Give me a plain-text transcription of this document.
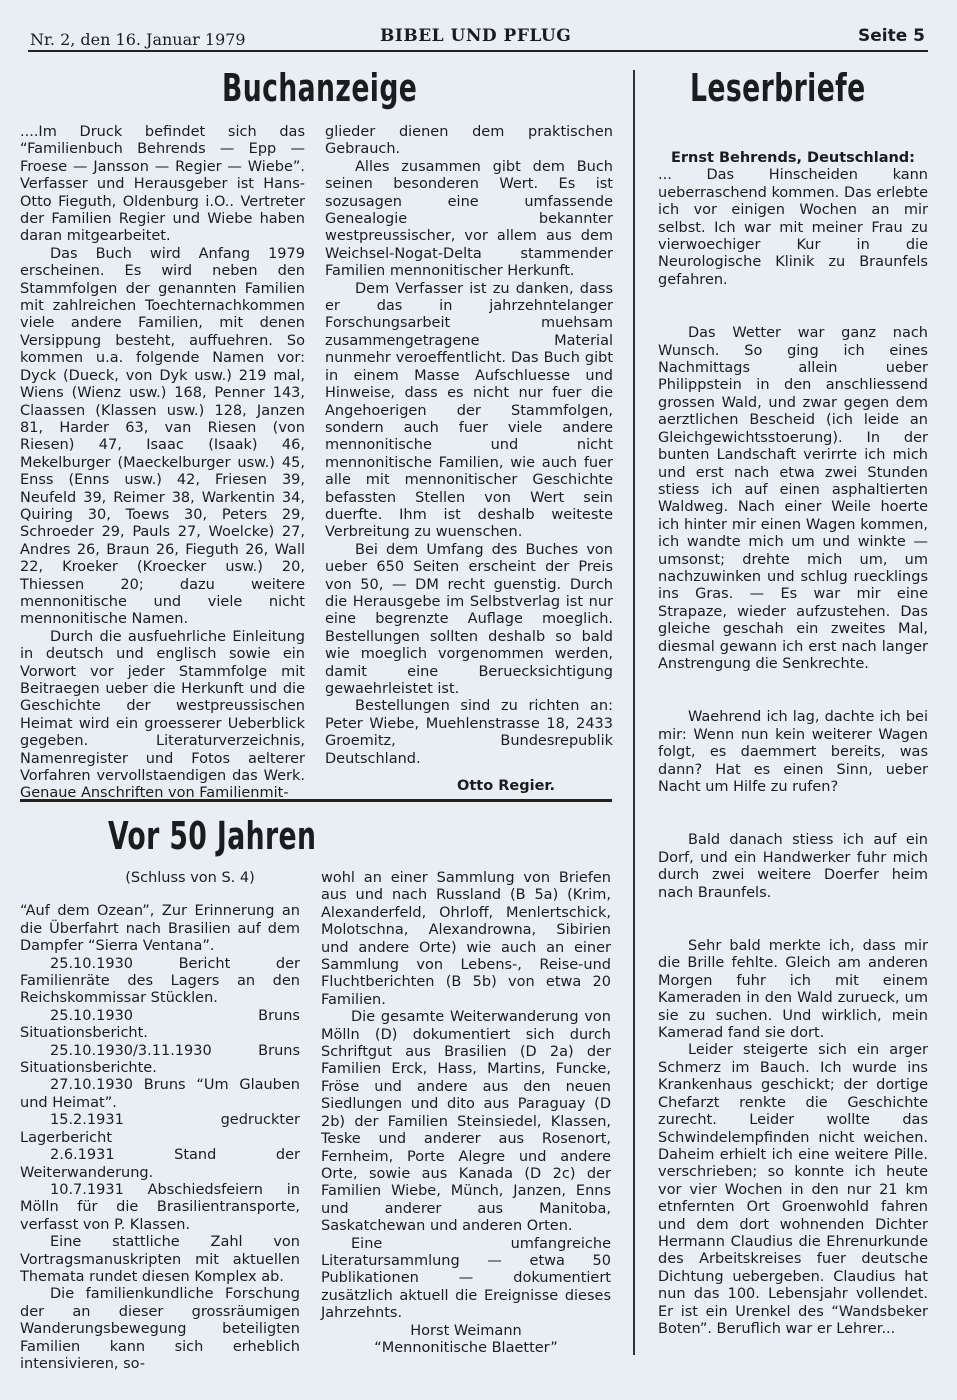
Nr. 2, den 16. Januar 1979	BIBEL UND PFLUG	Seite 5
Buchanzeige

....Im Druck befindet sich das “Familienbuch Behrends — Epp — Froese — Jansson — Regier — Wiebe”. Verfasser und Herausgeber ist Hans-Otto Fieguth, Oldenburg i.O.. Vertreter der Familien Regier und Wiebe haben daran mitgearbeitet.

Das Buch wird Anfang 1979 erscheinen. Es wird neben den Stammfolgen der genannten Familien mit zahlreichen Toechternachkommen viele andere Familien, mit denen Versippung besteht, auffuehren. So kommen u.a. folgende Namen vor: Dyck (Dueck, von Dyk usw.) 219 mal, Wiens (Wienz usw.) 168, Penner 143, Claassen (Klassen usw.) 128, Janzen 81, Harder 63, van Riesen (von Riesen) 47, Isaac (Isaak) 46, Mekelburger (Maeckelburger usw.) 45, Enss (Enns usw.) 42, Friesen 39, Neufeld 39, Reimer 38, Warkentin 34, Quiring 30, Toews 30, Peters 29, Schroeder 29, Pauls 27, Woelcke) 27, Andres 26, Braun 26, Fieguth 26, Wall 22, Kroeker (Kroecker usw.) 20, Thiessen 20; dazu weitere mennonitische und viele nicht mennonitische Namen.

Durch die ausfuehrliche Einleitung in deutsch und englisch sowie ein Vorwort vor jeder Stammfolge mit Beitraegen ueber die Herkunft und die Geschichte der westpreussischen Heimat wird ein groesserer Ueberblick gegeben. Literaturverzeichnis, Namenregister und Fotos aelterer Vorfahren vervollstaendigen das Werk. Genaue Anschriften von Familienmit-

glieder dienen dem praktischen Gebrauch.

Alles zusammen gibt dem Buch seinen besonderen Wert. Es ist sozusagen eine umfassende Genealogie bekannter westpreussischer, vor allem aus dem Weichsel-Nogat-Delta stammender Familien mennonitischer Herkunft.

Dem Verfasser ist zu danken, dass er das in jahrzehntelanger Forschungsarbeit muehsam zusammengetragene Material nunmehr veroeffentlicht. Das Buch gibt in einem Masse Aufschluesse und Hinweise, dass es nicht nur fuer die Angehoerigen der Stammfolgen, sondern auch fuer viele andere mennonitische und nicht mennonitische Familien, wie auch fuer alle mit mennonitischer Geschichte befassten Stellen von Wert sein duerfte. Ihm ist deshalb weiteste Verbreitung zu wuenschen.

Bei dem Umfang des Buches von ueber 650 Seiten erscheint der Preis von 50, — DM recht guenstig. Durch die Herausgebe im Selbstverlag ist nur eine begrenzte Auflage moeglich. Bestellungen sollten deshalb so bald wie moeglich vorgenommen werden, damit eine Beruecksichtigung gewaehrleistet ist.

Bestellungen sind zu richten an: Peter Wiebe, Muehlenstrasse 18, 2433 Groemitz, Bundesrepublik Deutschland.

Otto Regier.

Vor 50 Jahren

(Schluss von S. 4)

“Auf dem Ozean”, Zur Erinnerung an die Überfahrt nach Brasilien auf dem Dampfer “Sierra Ventana”.

25.10.1930 Bericht der Familienräte des Lagers an den Reichskommissar Stücklen.

25.10.1930 Bruns Situationsbericht.

25.10.1930/3.11.1930 Bruns Situationsberichte.

27.10.1930 Bruns “Um Glauben und Heimat”.

15.2.1931 gedruckter Lagerbericht

2.6.1931 Stand der Weiterwanderung.

10.7.1931 Abschiedsfeiern in Mölln für die Brasilientransporte, verfasst von P. Klassen.

Eine stattliche Zahl von Vortragsmanuskripten mit aktuellen Themata rundet diesen Komplex ab.

Die familienkundliche Forschung der an dieser grossräumigen Wanderungsbewegung beteiligten Familien kann sich erheblich intensivieren, so-

wohl an einer Sammlung von Briefen aus und nach Russland (B 5a) (Krim, Alexanderfeld, Ohrloff, Menlertschick, Molotschna, Alexandrowna, Sibirien und andere Orte) wie auch an einer Sammlung von Lebens-, Reise-und Fluchtberichten (B 5b) von etwa 20 Familien.

Die gesamte Weiterwanderung von Mölln (D) dokumentiert sich durch Schriftgut aus Brasilien (D 2a) der Familien Erck, Hass, Martins, Funcke, Fröse und andere aus den neuen Siedlungen und dito aus Paraguay (D 2b) der Familien Steinsiedel, Klassen, Teske und anderer aus Rosenort, Fernheim, Porte Alegre und andere Orte, sowie aus Kanada (D 2c) der Familien Wiebe, Münch, Janzen, Enns und anderer aus Manitoba, Saskatchewan und anderen Orten.

Eine umfangreiche Literatursammlung — etwa 50 Publikationen — dokumentiert zusätzlich aktuell die Ereignisse dieses Jahrzehnts.

Horst Weimann

“Mennonitische Blaetter”

Leserbriefe

Ernst Behrends, Deutschland:

... Das Hinscheiden kann ueberraschend kommen. Das erlebte ich vor einigen Wochen an mir selbst. Ich war mit meiner Frau zu vierwoechiger Kur in die Neurologische Klinik zu Braunfels gefahren.

Das Wetter war ganz nach Wunsch. So ging ich eines Nachmittags allein ueber Philippstein in den anschliessend grossen Wald, und zwar gegen dem aerztlichen Bescheid (ich leide an Gleichgewichtsstoerung). In der bunten Landschaft verirrte ich mich und erst nach etwa zwei Stunden stiess ich auf einen asphaltierten Waldweg. Nach einer Weile hoerte ich hinter mir einen Wagen kommen, ich wandte mich um und winkte — umsonst; drehte mich um, um nachzuwinken und schlug ruecklings ins Gras. — Es war mir eine Strapaze, wieder aufzustehen. Das gleiche geschah ein zweites Mal, diesmal gewann ich erst nach langer Anstrengung die Senkrechte.

Waehrend ich lag, dachte ich bei mir: Wenn nun kein weiterer Wagen folgt, es daemmert bereits, was dann? Hat es einen Sinn, ueber Nacht um Hilfe zu rufen?

Bald danach stiess ich auf ein Dorf, und ein Handwerker fuhr mich durch zwei weitere Doerfer heim nach Braunfels.

Sehr bald merkte ich, dass mir die Brille fehlte. Gleich am anderen Morgen fuhr ich mit einem Kameraden in den Wald zurueck, um sie zu suchen. Und wirklich, mein Kamerad fand sie dort.

Leider steigerte sich ein arger Schmerz im Bauch. Ich wurde ins Krankenhaus geschickt; der dortige Chefarzt renkte die Geschichte zurecht. Leider wollte das Schwindelempfinden nicht weichen. Daheim erhielt ich eine weitere Pille. verschrieben; so konnte ich heute vor vier Wochen in den nur 21 km etnfernten Ort Groenwohld fahren und dem dort wohnenden Dichter Hermann Claudius die Ehrenurkunde des Arbeitskreises fuer deutsche Dichtung uebergeben. Claudius hat nun das 100. Lebensjahr vollendet. Er ist ein Urenkel des “Wandsbeker Boten”. Beruflich war er Lehrer...
